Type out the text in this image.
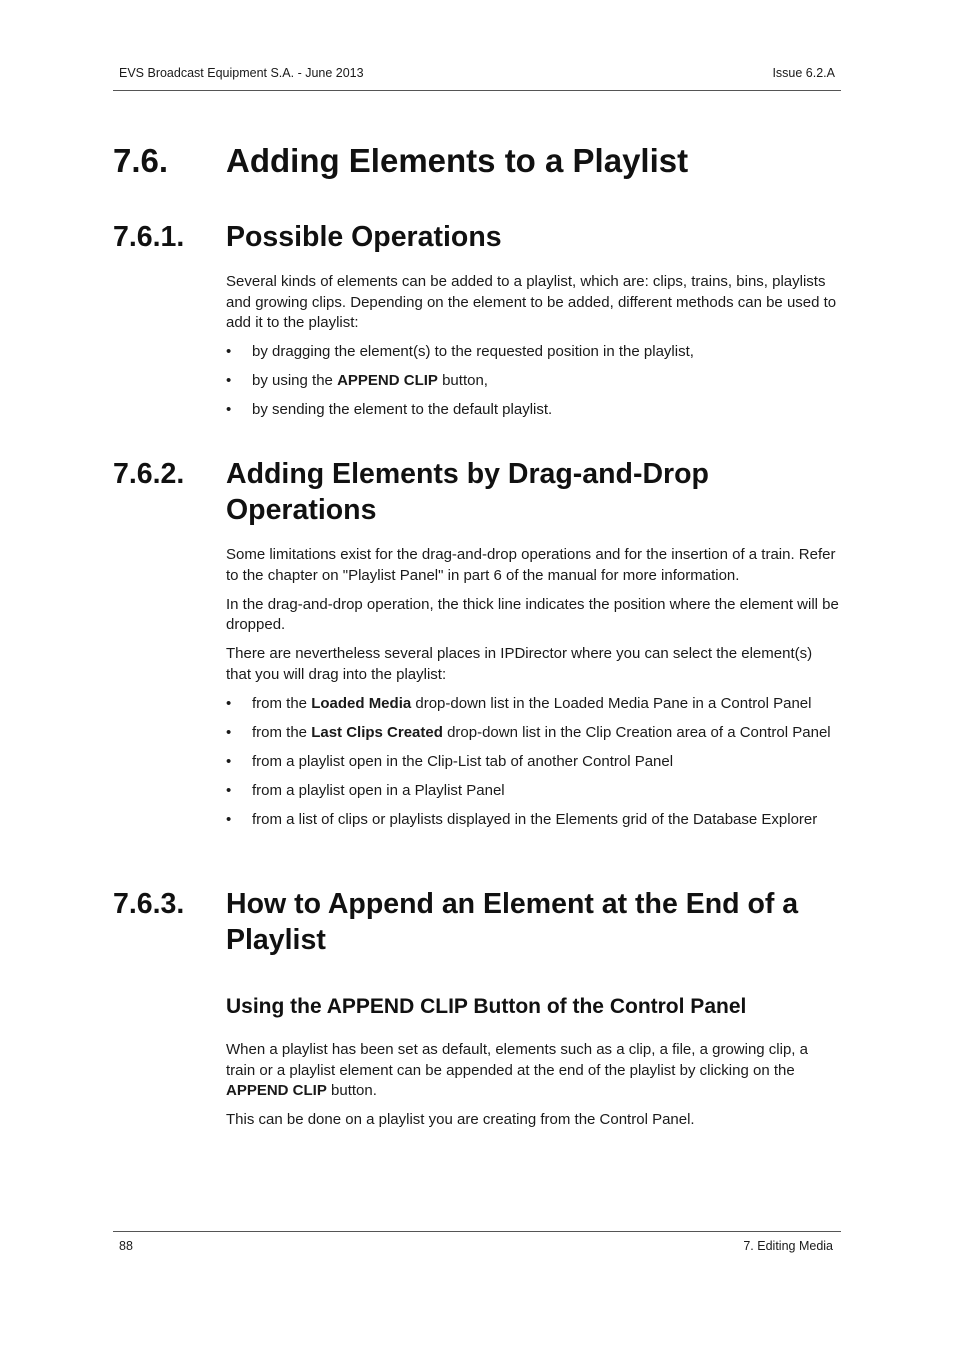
EVS Broadcast Equipment S.A. - June 2013	Issue 6.2.A
7.6. Adding Elements to a Playlist
7.6.1. Possible Operations

Several kinds of elements can be added to a playlist, which are: clips, trains, bins, playlists and growing clips. Depending on the element to be added, different methods can be used to add it to the playlist:

• by dragging the element(s) to the requested position in the playlist,
• by using the APPEND CLIP button,
• by sending the element to the default playlist.
7.6.2. Adding Elements by Drag-and-Drop
Operations

Some limitations exist for the drag-and-drop operations and for the insertion of a train. Refer to the chapter on "Playlist Panel" in part 6 of the manual for more information.

In the drag-and-drop operation, the thick line indicates the position where the element will be dropped.

There are nevertheless several places in IPDirector where you can select the element(s) that you will drag into the playlist:

• from the Loaded Media drop-down list in the Loaded Media Pane in a Control Panel
• from the Last Clips Created drop-down list in the Clip Creation area of a Control Panel
• from a playlist open in the Clip-List tab of another Control Panel
• from a playlist open in a Playlist Panel
• from a list of clips or playlists displayed in the Elements grid of the Database Explorer
7.6.3. How to Append an Element at the End of a
Playlist
Using the APPEND CLIP Button of the Control Panel

When a playlist has been set as default, elements such as a clip, a file, a growing clip, a train or a playlist element can be appended at the end of the playlist by clicking on the APPEND CLIP button.

This can be done on a playlist you are creating from the Control Panel.

88	7. Editing Media
